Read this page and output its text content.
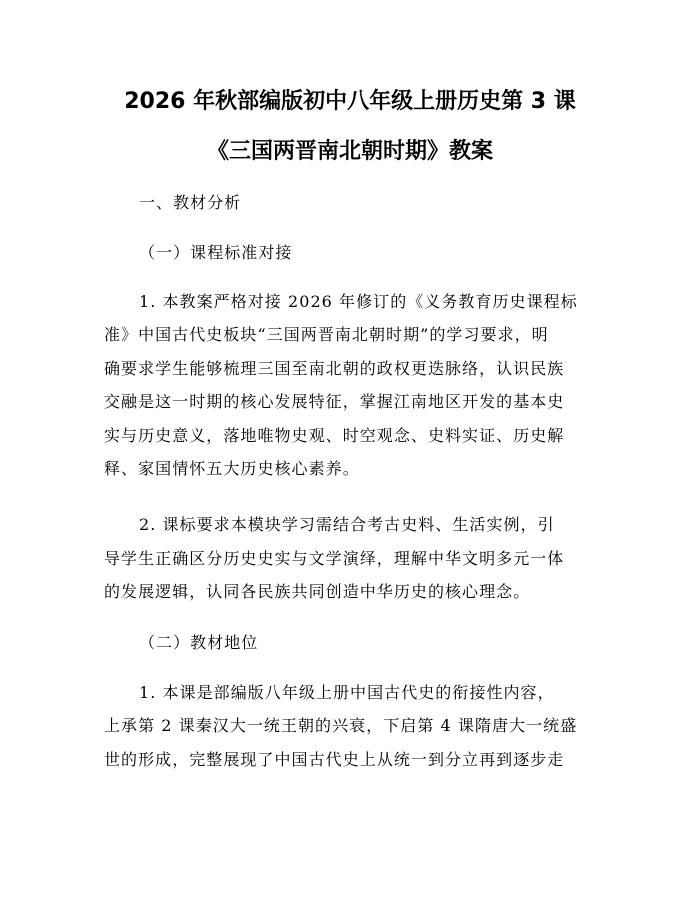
2026 年秋部编版初中八年级上册历史第 3 课
《三国两晋南北朝时期》教案
一、教材分析
（一）课程标准对接
1. 本教案严格对接 2026 年修订的《义务教育历史课程标
准》中国古代史板块“三国两晋南北朝时期”的学习要求，明
确要求学生能够梳理三国至南北朝的政权更迭脉络，认识民族
交融是这一时期的核心发展特征，掌握江南地区开发的基本史
实与历史意义，落地唯物史观、时空观念、史料实证、历史解
释、家国情怀五大历史核心素养。
2. 课标要求本模块学习需结合考古史料、生活实例，引
导学生正确区分历史史实与文学演绎，理解中华文明多元一体
的发展逻辑，认同各民族共同创造中华历史的核心理念。
（二）教材地位
1. 本课是部编版八年级上册中国古代史的衔接性内容，
上承第 2 课秦汉大一统王朝的兴衰，下启第 4 课隋唐大一统盛
世的形成，完整展现了中国古代史上从统一到分立再到逐步走
